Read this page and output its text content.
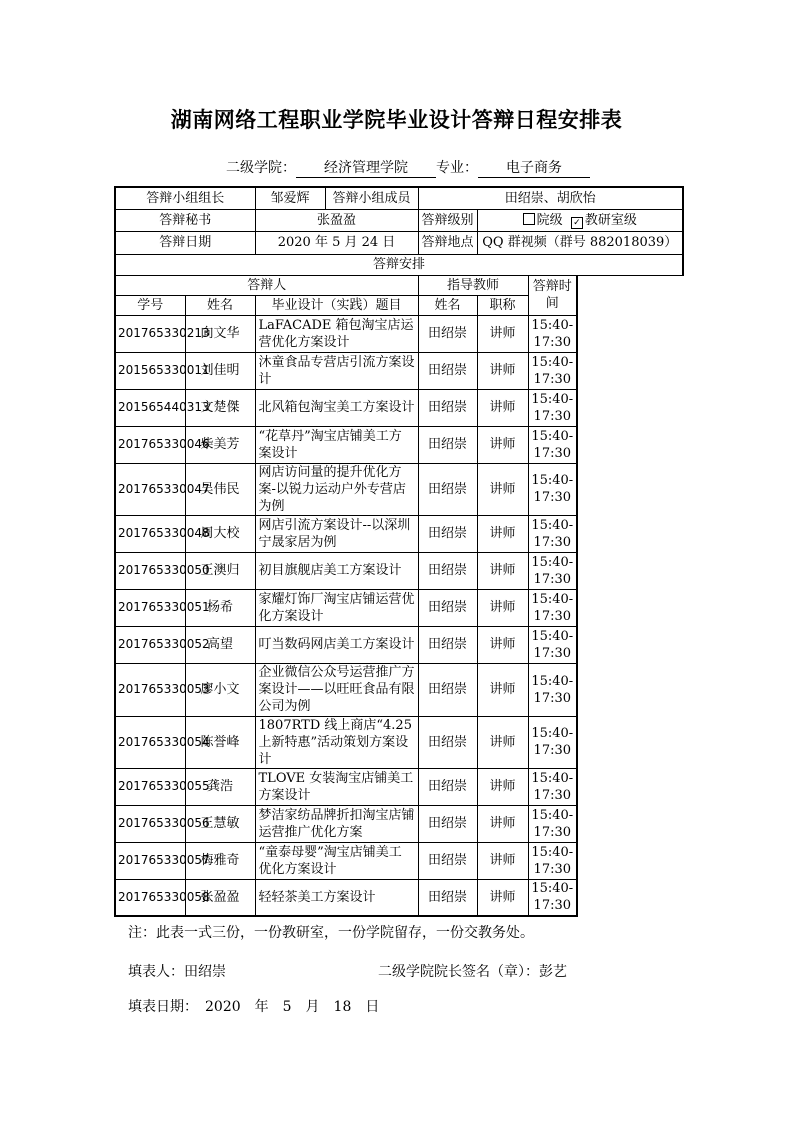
湖南网络工程职业学院毕业设计答辩日程安排表
二级学院： 经济管理学院 专业： 电子商务
答辩小组组长		邹爱辉	答辩小组成员	田绍崇、胡欣怡		
答辩秘书		张盈盈		答辩级别	院级 ✓ 教研室级	
答辩日期		2020 年 5 月 24 日		答辩地点	QQ 群视频（群号 882018039）	
答辩安排						
答辩人				指导教师		答辩时间
学号	姓名	毕业设计（实践）题目		姓名	职称	
201765330213	向文华	LaFACADE 箱包淘宝店运营优化方案设计		田绍崇	讲师	15:40-17:30
201565330011	刘佳明	沐童食品专营店引流方案设计		田绍崇	讲师	15:40-17:30
201565440313	文楚傑	北风箱包淘宝美工方案设计		田绍崇	讲师	15:40-17:30
201765330046	柴美芳	“花草丹”淘宝店铺美工方案设计		田绍崇	讲师	15:40-17:30
201765330047	吴伟民	网店访问量的提升优化方案-以锐力运动户外专营店为例		田绍崇	讲师	15:40-17:30
201765330048	周大校	网店引流方案设计--以深圳宁晟家居为例		田绍崇	讲师	15:40-17:30
201765330050	王澳归	初目旗舰店美工方案设计		田绍崇	讲师	15:40-17:30
201765330051	杨希	家耀灯饰厂淘宝店铺运营优化方案设计		田绍崇	讲师	15:40-17:30
201765330052	高望	叮当数码网店美工方案设计		田绍崇	讲师	15:40-17:30
201765330053	廖小文	企业微信公众号运营推广方案设计——以旺旺食品有限公司为例		田绍崇	讲师	15:40-17:30
201765330054	陈誉峰	1807RTD 线上商店“4.25 上新特惠”活动策划方案设计		田绍崇	讲师	15:40-17:30
201765330055	龚浩	TLOVE 女装淘宝店铺美工方案设计		田绍崇	讲师	15:40-17:30
201765330056	王慧敏	梦洁家纺品牌折扣淘宝店铺运营推广优化方案		田绍崇	讲师	15:40-17:30
201765330057	梅雅奇	“童泰母婴”淘宝店铺美工优化方案设计		田绍崇	讲师	15:40-17:30
201765330058	张盈盈	轻轻茶美工方案设计		田绍崇	讲师	15:40-17:30
注：此表一式三份，一份教研室，一份学院留存，一份交教务处。
填表人：田绍崇	二级学院院长签名（章）：彭艺
填表日期：　2020　年　5　月　18　日
